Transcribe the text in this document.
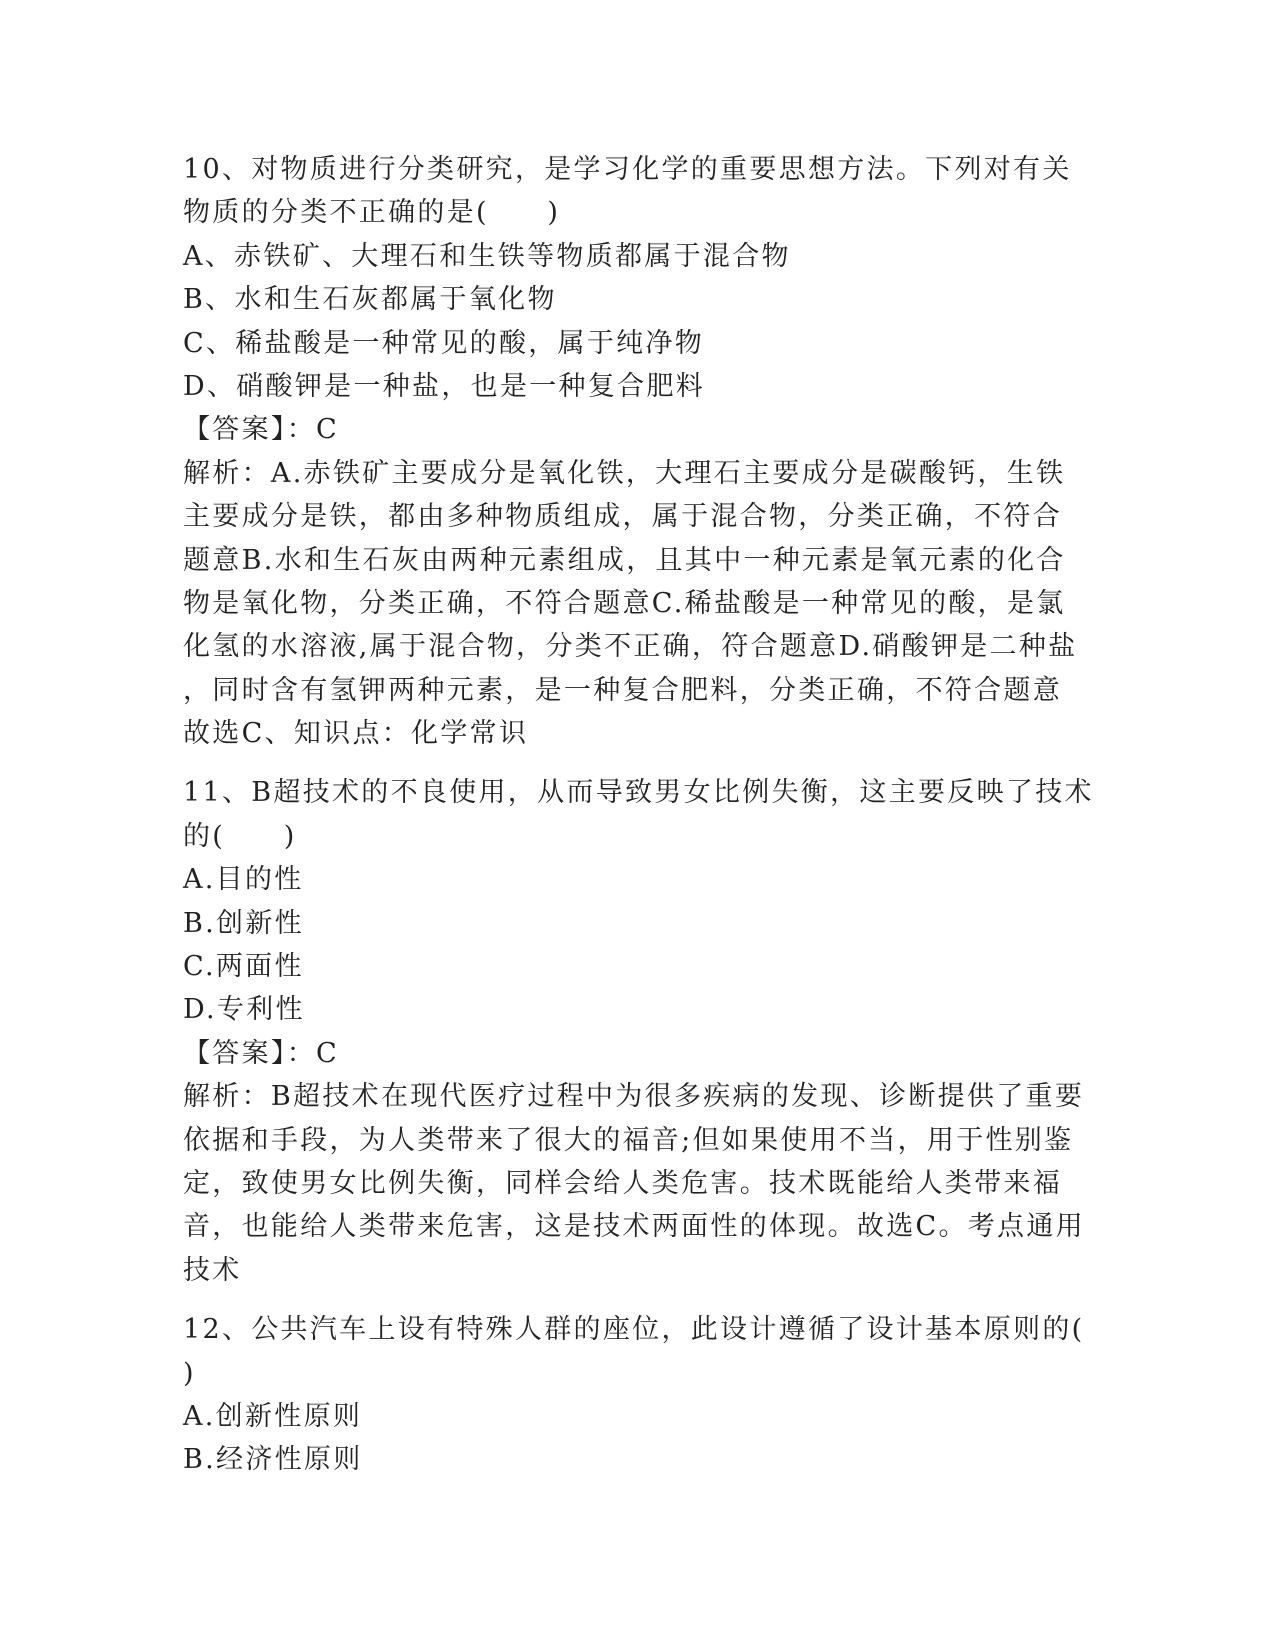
10、对物质进行分类研究，是学习化学的重要思想方法。下列对有关
物质的分类不正确的是(　　)
A、赤铁矿、大理石和生铁等物质都属于混合物
B、水和生石灰都属于氧化物
C、稀盐酸是一种常见的酸，属于纯净物
D、硝酸钾是一种盐，也是一种复合肥料
【答案】：C
解析：A.赤铁矿主要成分是氧化铁，大理石主要成分是碳酸钙，生铁
主要成分是铁，都由多种物质组成，属于混合物，分类正确，不符合
题意B.水和生石灰由两种元素组成，且其中一种元素是氧元素的化合
物是氧化物，分类正确，不符合题意C.稀盐酸是一种常见的酸，是氯
化氢的水溶液,属于混合物，分类不正确，符合题意D.硝酸钾是二种盐
，同时含有氢钾两种元素，是一种复合肥料，分类正确，不符合题意
故选C、知识点：化学常识
11、B超技术的不良使用，从而导致男女比例失衡，这主要反映了技术
的(　　)
A.目的性
B.创新性
C.两面性
D.专利性
【答案】：C
解析：B超技术在现代医疗过程中为很多疾病的发现、诊断提供了重要
依据和手段，为人类带来了很大的福音;但如果使用不当，用于性别鉴
定，致使男女比例失衡，同样会给人类危害。技术既能给人类带来福
音，也能给人类带来危害，这是技术两面性的体现。故选C。考点通用
技术
12、公共汽车上设有特殊人群的座位，此设计遵循了设计基本原则的(
)
A.创新性原则
B.经济性原则
